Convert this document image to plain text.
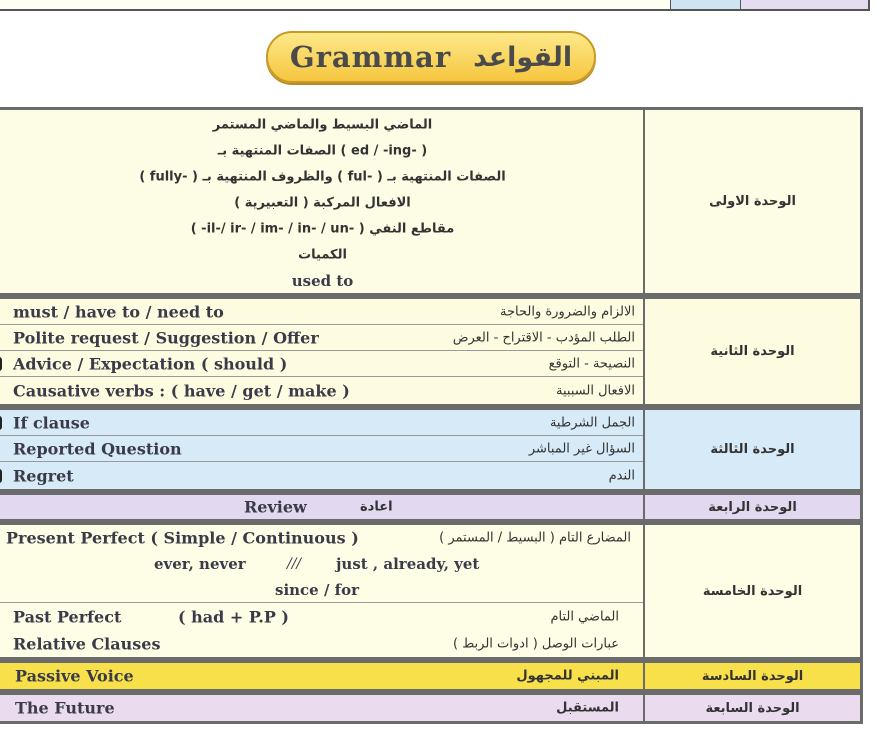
Grammar القواعد
الماضي البسيط والماضي المستمر
( -ed / -ing ) الصفات المنتهية بـ
الصفات المنتهية بـ ( -ful ) والظروف المنتهية بـ ( -fully )
الافعال المركبة ( التعبيرية )
مقاطع النفي ( -il-/ ir- / im- / in- / un- )
الكميات
used to
الوحدة الاولى
must / have to / need to	الالزام والضرورة والحاجة
Polite request / Suggestion / Offer	الطلب المؤدب - الاقتراح - العرض
Advice / Expectation ( should )	النصيحة - التوقع
Causative verbs : ( have / get / make )	الافعال السببية
الوحدة الثانية
If clause	الجمل الشرطية
Reported Question	السؤال غير المباشر
Regret	الندم
الوحدة الثالثة
Review	اعادة	الوحدة الرابعة
Present Perfect ( Simple / Continuous )	المضارع التام ( البسيط / المستمر )
ever, never	/// just , already, yet
since / for
Past Perfect	( had + P.P )	الماضي التام
Relative Clauses	عبارات الوصل ( ادوات الربط )
الوحدة الخامسة
Passive Voice	المبني للمجهول	الوحدة السادسة
The Future	المستقبل	الوحدة السابعة
